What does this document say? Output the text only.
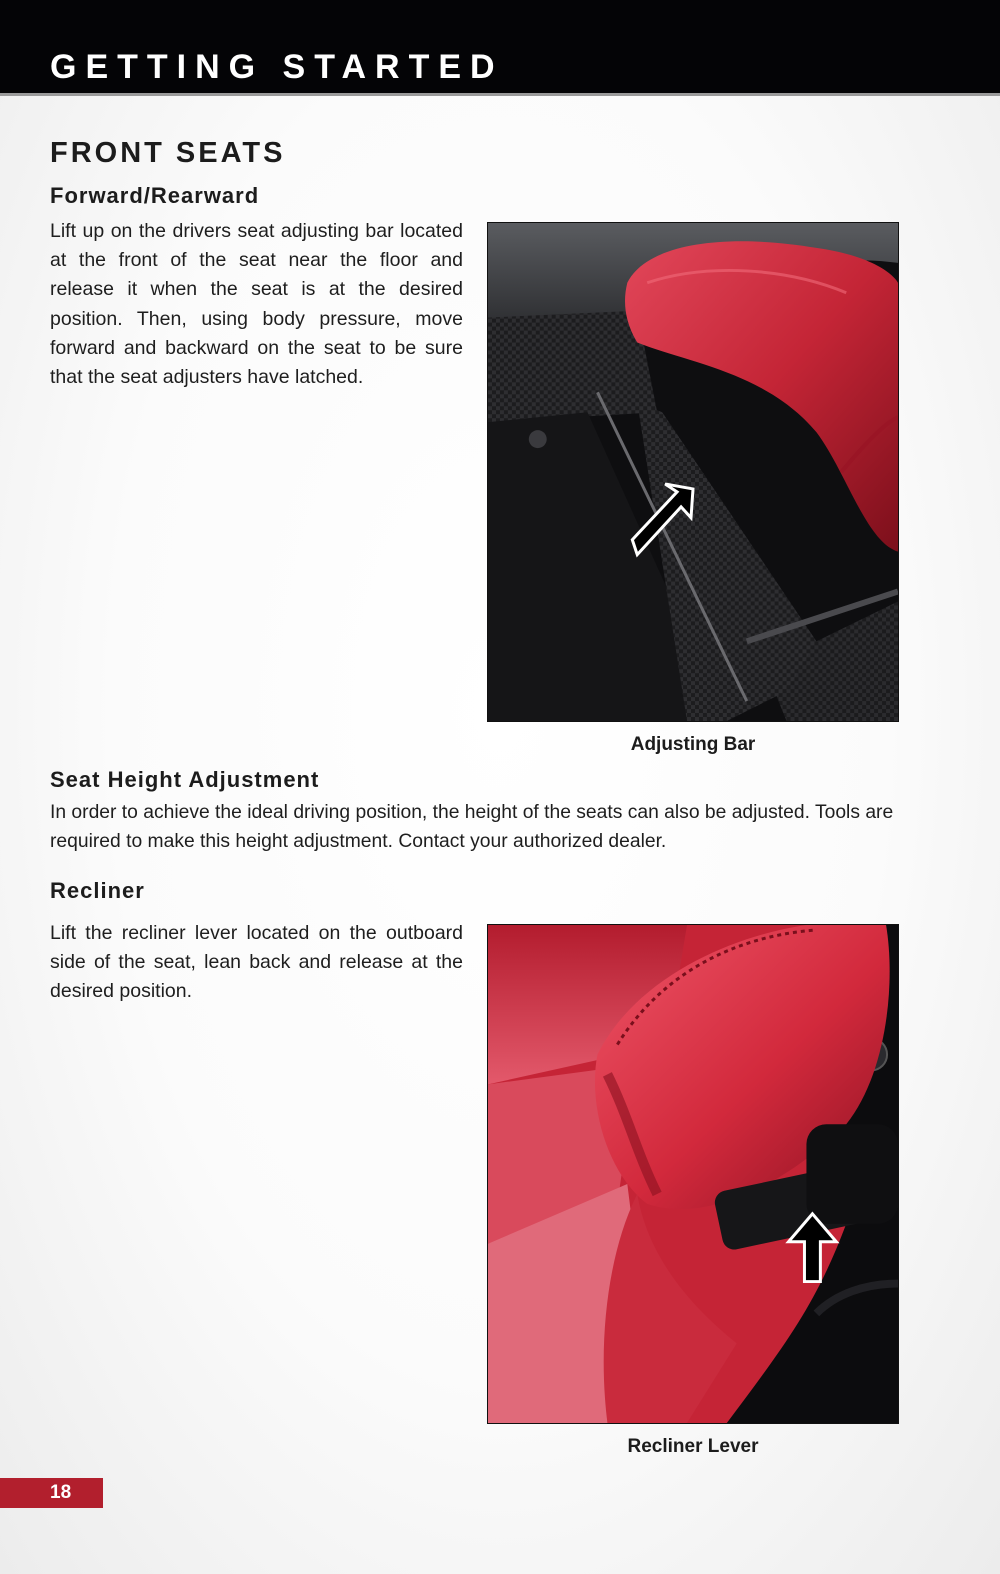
GETTING STARTED
FRONT SEATS
Forward/Rearward
Lift up on the drivers seat adjusting bar located at the front of the seat near the floor and release it when the seat is at the desired position. Then, using body pressure, move forward and backward on the seat to be sure that the seat adjusters have latched.
Adjusting Bar
Seat Height Adjustment
In order to achieve the ideal driving position, the height of the seats can also be adjusted. Tools are required to make this height adjustment. Contact your authorized dealer.
Recliner
Lift the recliner lever located on the outboard side of the seat, lean back and release at the desired position.
Recliner Lever
18
